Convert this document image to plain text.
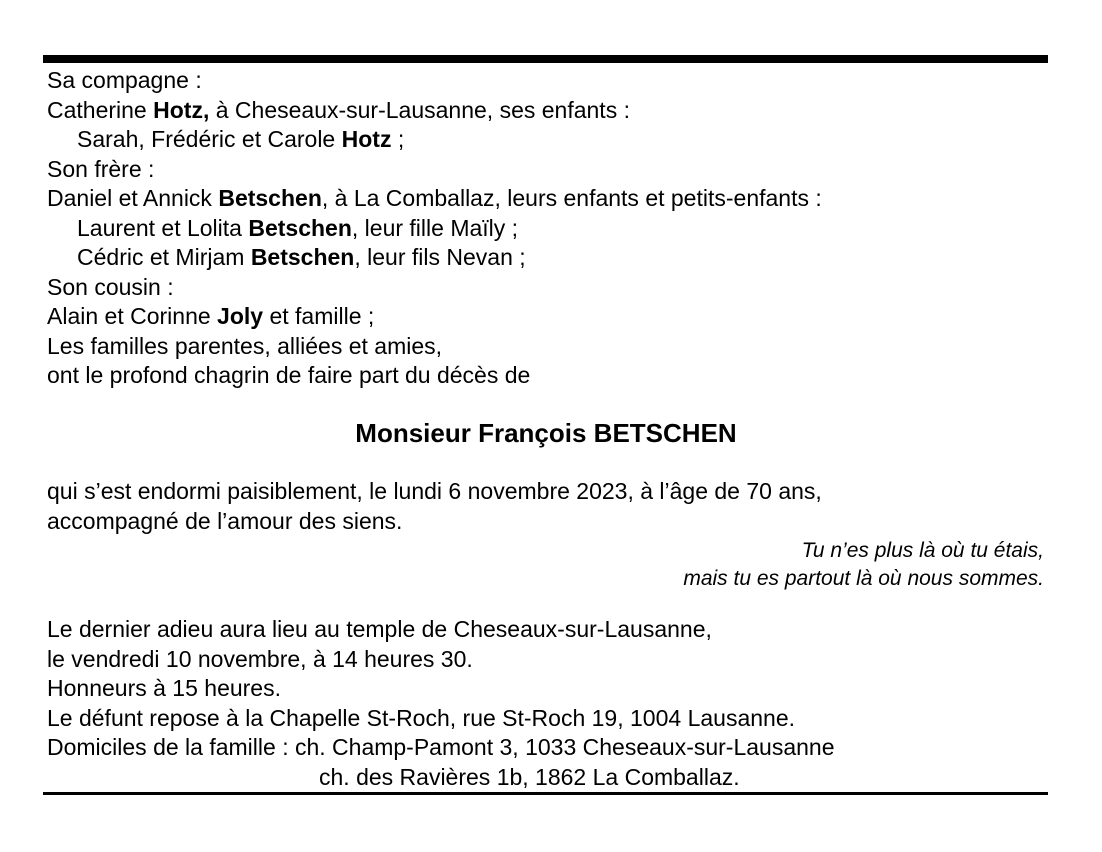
Sa compagne :
Catherine Hotz, à Cheseaux-sur-Lausanne, ses enfants :
Sarah, Frédéric et Carole Hotz ;
Son frère :
Daniel et Annick Betschen, à La Comballaz, leurs enfants et petits-enfants :
Laurent et Lolita Betschen, leur fille Maïly ;
Cédric et Mirjam Betschen, leur fils Nevan ;
Son cousin :
Alain et Corinne Joly et famille ;
Les familles parentes, alliées et amies,
ont le profond chagrin de faire part du décès de
Monsieur François BETSCHEN
qui s’est endormi paisiblement, le lundi 6 novembre 2023, à l’âge de 70 ans,
accompagné de l’amour des siens.
Tu n’es plus là où tu étais,
mais tu es partout là où nous sommes.
Le dernier adieu aura lieu au temple de Cheseaux-sur-Lausanne,
le vendredi 10 novembre, à 14 heures 30.
Honneurs à 15 heures.
Le défunt repose à la Chapelle St-Roch, rue St-Roch 19, 1004 Lausanne.
Domiciles de la famille : ch. Champ-Pamont 3, 1033 Cheseaux-sur-Lausanne
ch. des Ravières 1b, 1862 La Comballaz.
